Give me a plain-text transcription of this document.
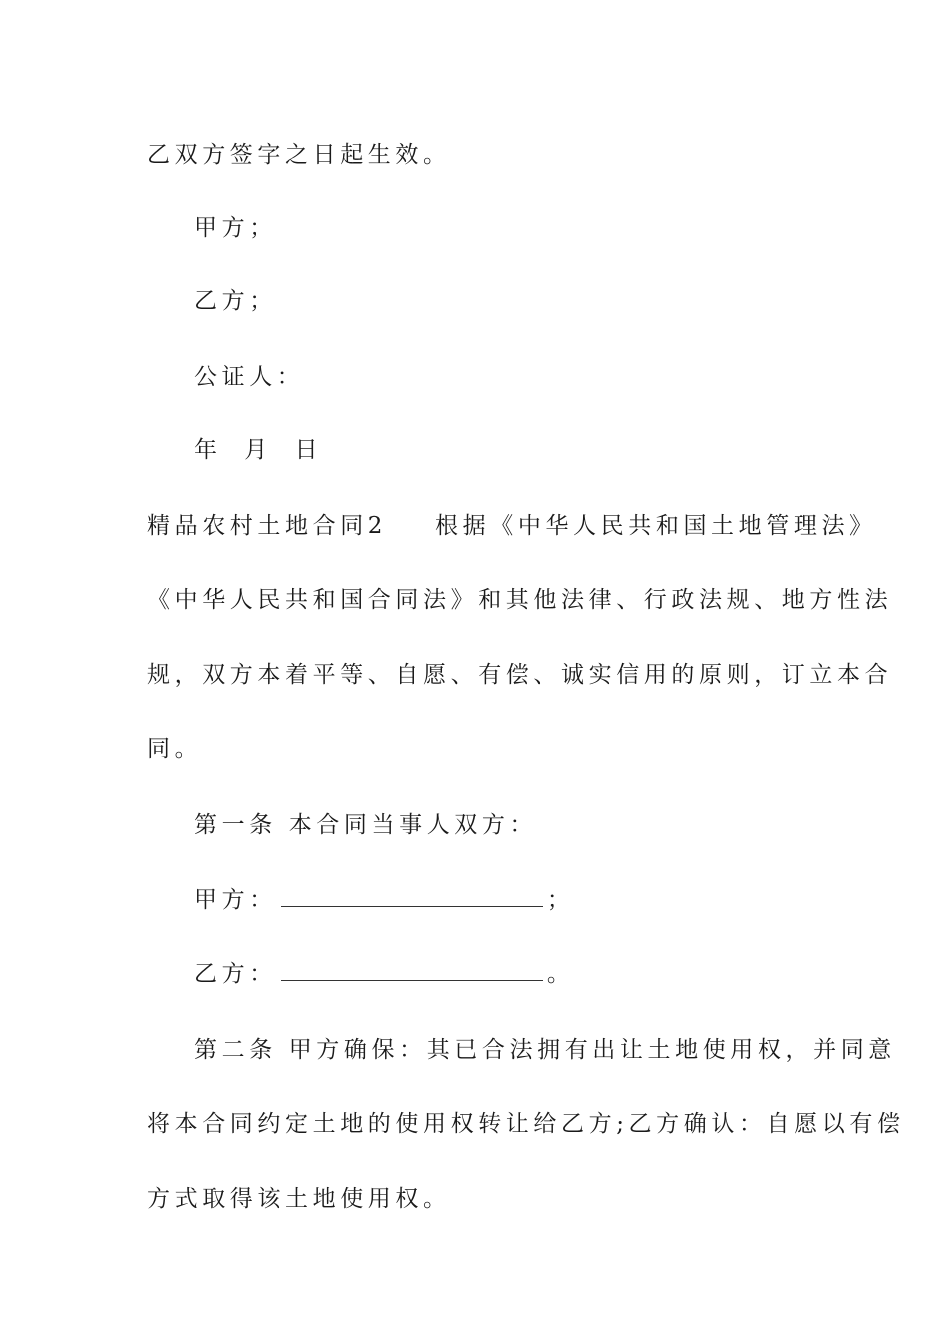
乙双方签字之日起生效。
甲方；
乙方；
公证人：
年 月 日
精品农村土地合同2 根据《中华人民共和国土地管理法》
《中华人民共和国合同法》和其他法律、行政法规、地方性法
规，双方本着平等、自愿、有偿、诚实信用的原则，订立本合
同。
第一条 本合同当事人双方：
甲方：	；
乙方：	。
第二条 甲方确保：其已合法拥有出让土地使用权，并同意
将本合同约定土地的使用权转让给乙方;乙方确认：自愿以有偿
方式取得该土地使用权。
